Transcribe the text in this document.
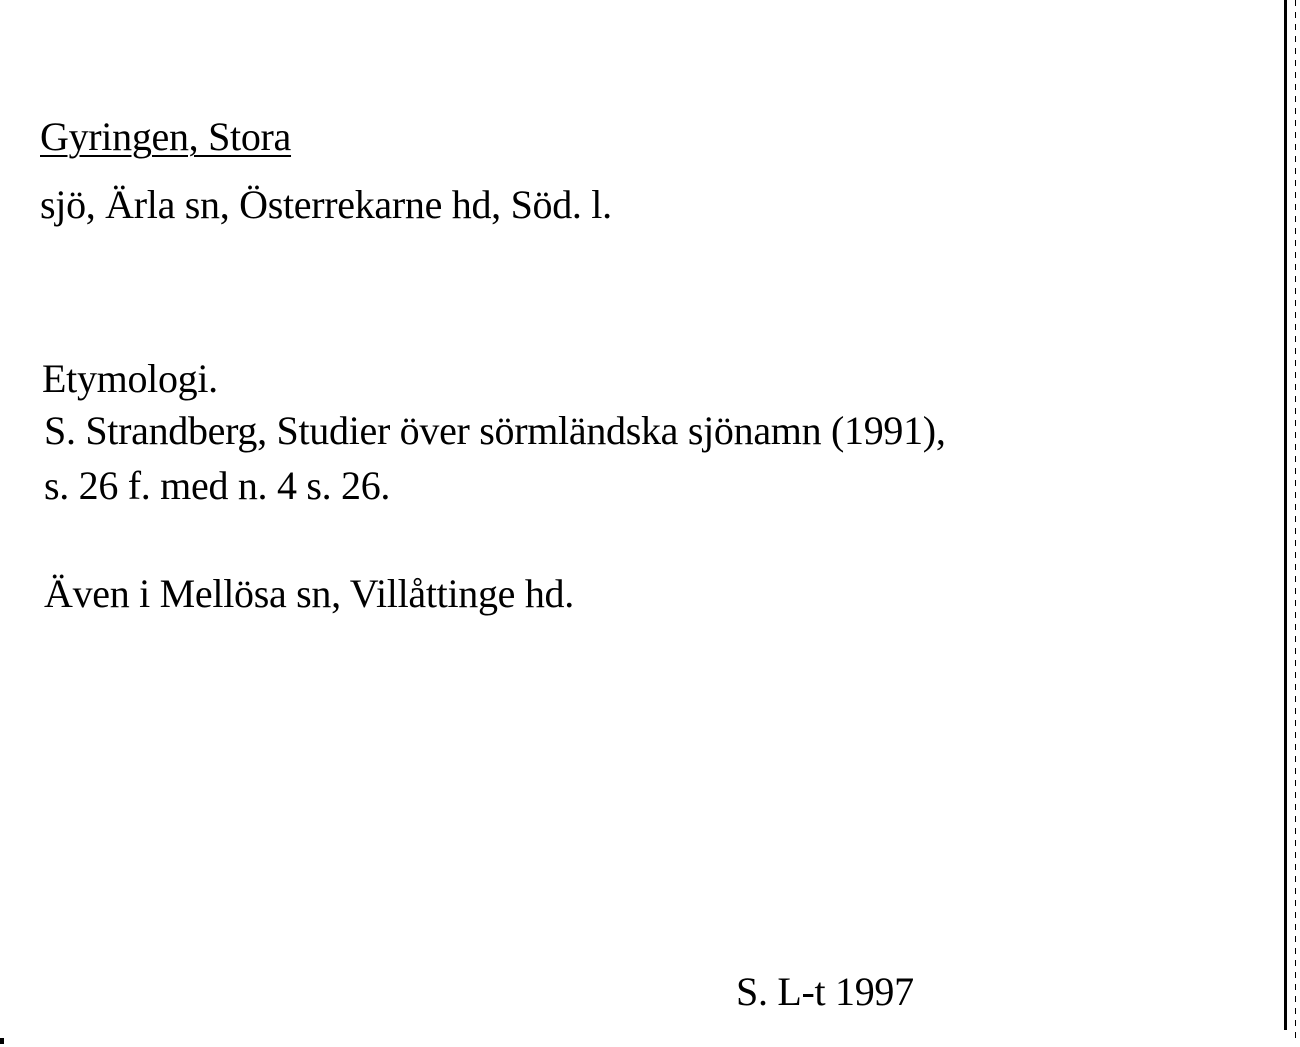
Gyringen, Stora
sjö, Ärla sn, Österrekarne hd, Söd. l.
Etymologi.
S. Strandberg, Studier över sörmländska sjönamn (1991),
s. 26 f. med n. 4 s. 26.
Även i Mellösa sn, Villåttinge hd.
S. L-t 1997
